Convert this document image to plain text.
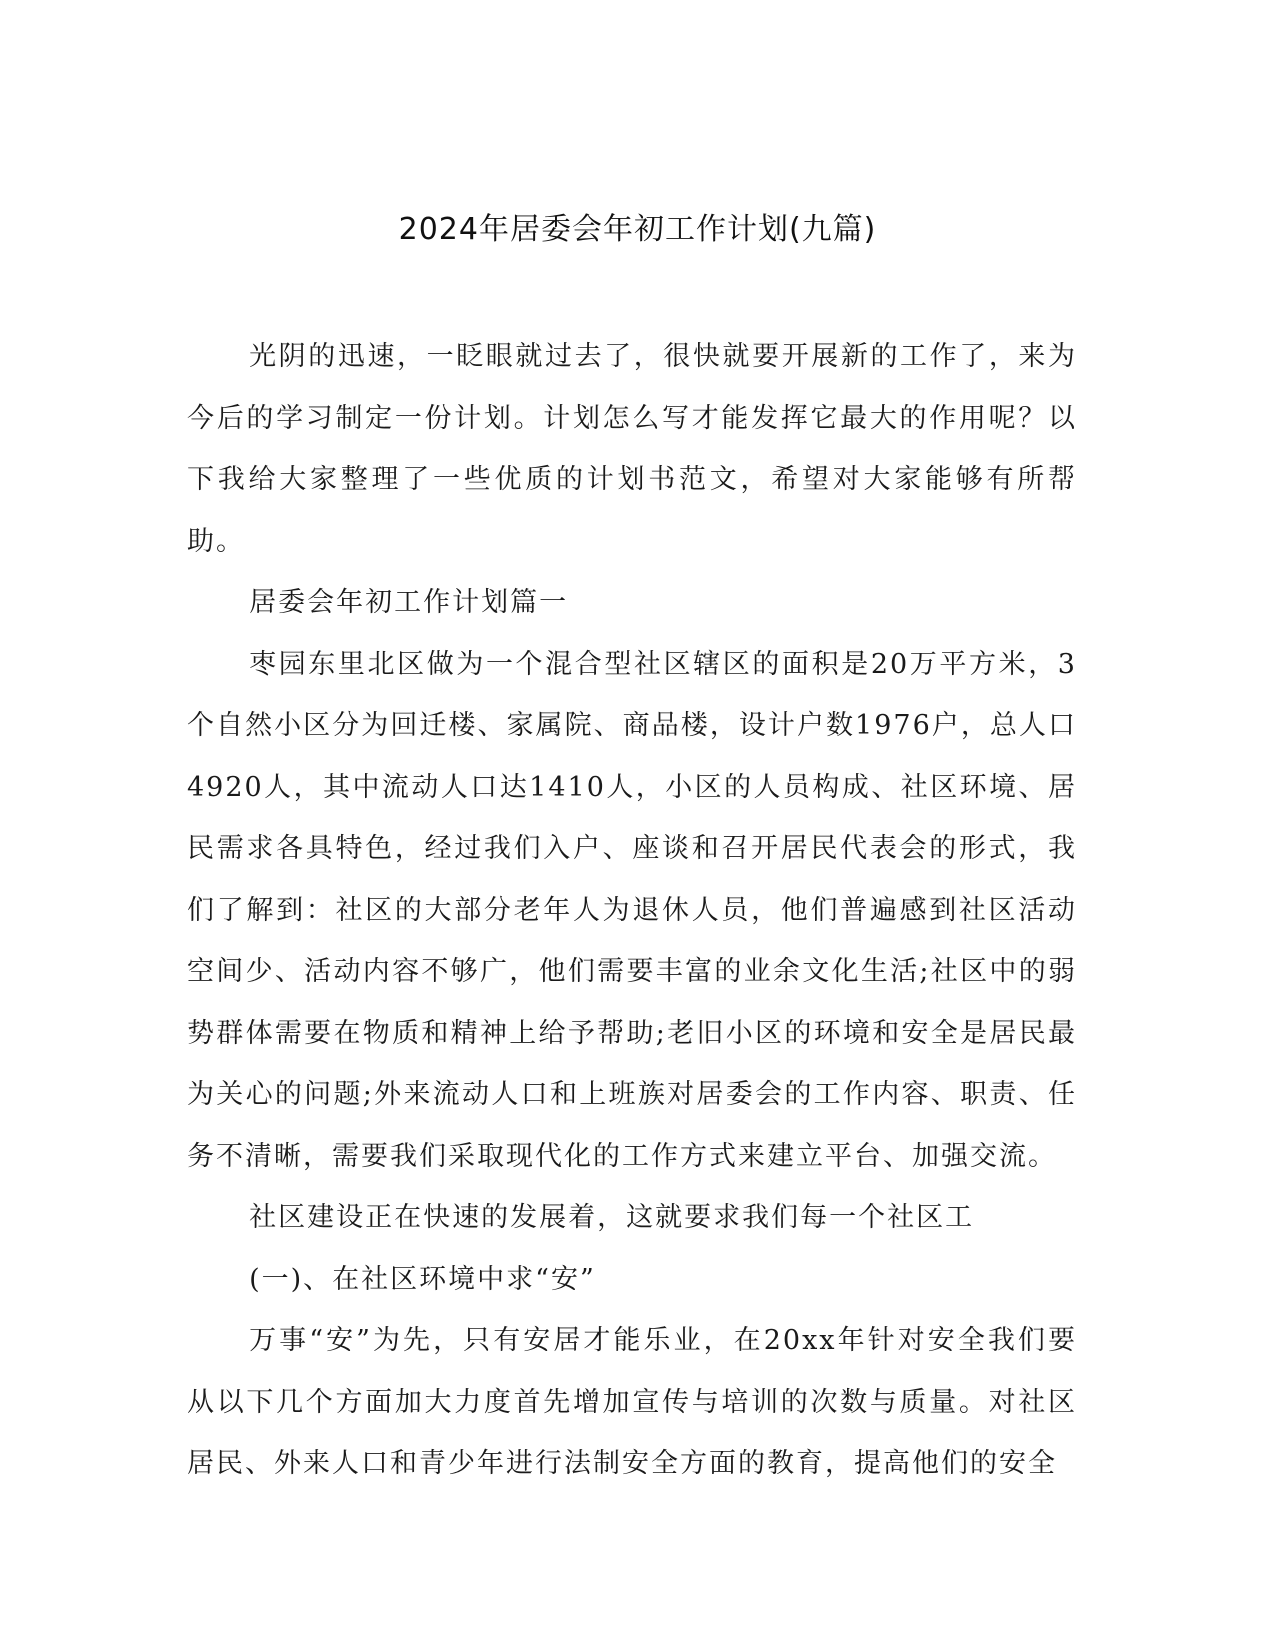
2024年居委会年初工作计划(九篇)

光阴的迅速，一眨眼就过去了，很快就要开展新的工作了，来为今后的学习制定一份计划。计划怎么写才能发挥它最大的作用呢？以下我给大家整理了一些优质的计划书范文，希望对大家能够有所帮助。

居委会年初工作计划篇一

枣园东里北区做为一个混合型社区辖区的面积是20万平方米，3个自然小区分为回迁楼、家属院、商品楼，设计户数1976户，总人口4920人，其中流动人口达1410人，小区的人员构成、社区环境、居民需求各具特色，经过我们入户、座谈和召开居民代表会的形式，我们了解到：社区的大部分老年人为退休人员，他们普遍感到社区活动空间少、活动内容不够广，他们需要丰富的业余文化生活;社区中的弱势群体需要在物质和精神上给予帮助;老旧小区的环境和安全是居民最为关心的问题;外来流动人口和上班族对居委会的工作内容、职责、任务不清晰，需要我们采取现代化的工作方式来建立平台、加强交流。

社区建设正在快速的发展着，这就要求我们每一个社区工

(一)、在社区环境中求“安”

万事“安”为先，只有安居才能乐业，在20xx年针对安全我们要从以下几个方面加大力度首先增加宣传与培训的次数与质量。对社区居民、外来人口和青少年进行法制安全方面的教育，提高他们的安全
